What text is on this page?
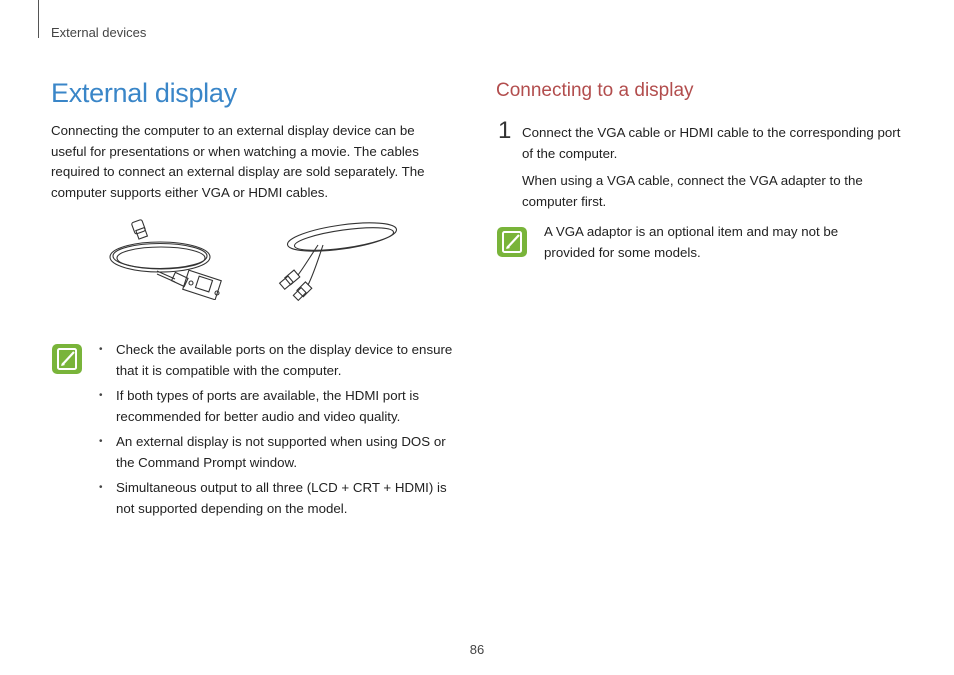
External devices
External display

Connecting the computer to an external display device can be useful for presentations or when watching a movie. The cables required to connect an external display are sold separately. The computer supports either VGA or HDMI cables.

• Check the available ports on the display device to ensure that it is compatible with the computer.
• If both types of ports are available, the HDMI port is recommended for better audio and video quality.
• An external display is not supported when using DOS or the Command Prompt window.
• Simultaneous output to all three (LCD + CRT + HDMI) is not supported depending on the model.
Connecting to a display
1 Connect the VGA cable or HDMI cable to the corresponding port of the computer.

When using a VGA cable, connect the VGA adapter to the computer first.

A VGA adaptor is an optional item and may not be provided for some models.

86
